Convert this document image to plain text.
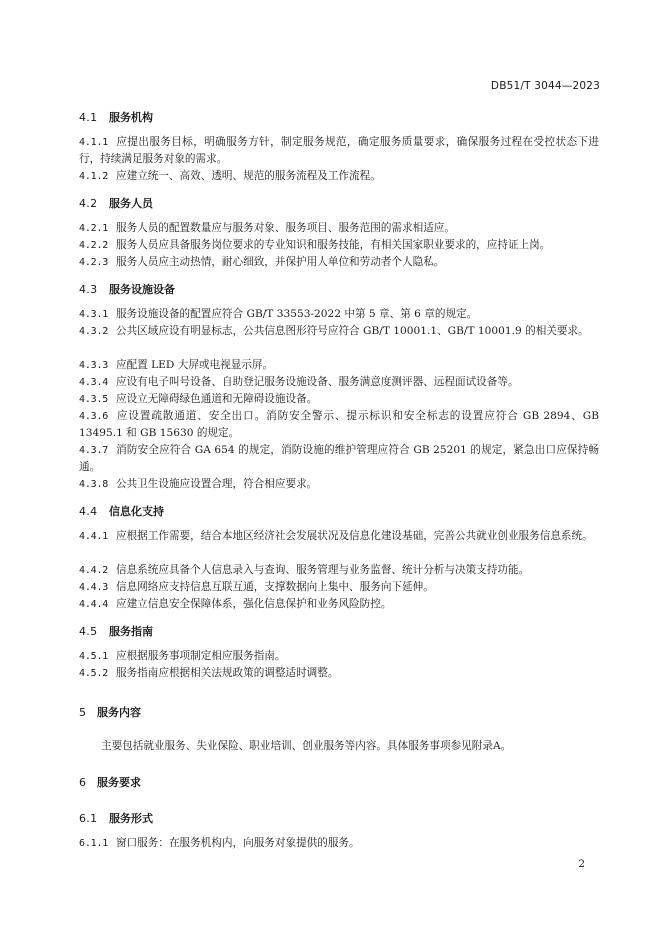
DB51/T 3044—2023
4.1 服务机构
4.1.1 应提出服务目标，明确服务方针，制定服务规范，确定服务质量要求，确保服务过程在受控状态下进行，持续满足服务对象的需求。
4.1.2 应建立统一、高效、透明、规范的服务流程及工作流程。
4.2 服务人员
4.2.1 服务人员的配置数量应与服务对象、服务项目、服务范围的需求相适应。
4.2.2 服务人员应具备服务岗位要求的专业知识和服务技能，有相关国家职业要求的，应持证上岗。
4.2.3 服务人员应主动热情，耐心细致，并保护用人单位和劳动者个人隐私。
4.3 服务设施设备
4.3.1 服务设施设备的配置应符合 GB/T 33553-2022 中第 5 章、第 6 章的规定。
4.3.2 公共区域应设有明显标志，公共信息图形符号应符合 GB/T 10001.1、GB/T 10001.9 的相关要求。
4.3.3 应配置 LED 大屏或电视显示屏。
4.3.4 应设有电子叫号设备、自助登记服务设施设备、服务满意度测评器、远程面试设备等。
4.3.5 应设立无障碍绿色通道和无障碍设施设备。
4.3.6 应设置疏散通道、安全出口。消防安全警示、提示标识和安全标志的设置应符合 GB 2894、GB 13495.1 和 GB 15630 的规定。
4.3.7 消防安全应符合 GA 654 的规定，消防设施的维护管理应符合 GB 25201 的规定，紧急出口应保持畅通。
4.3.8 公共卫生设施应设置合理，符合相应要求。
4.4 信息化支持
4.4.1 应根据工作需要，结合本地区经济社会发展状况及信息化建设基础，完善公共就业创业服务信息系统。
4.4.2 信息系统应具备个人信息录入与查询、服务管理与业务监督、统计分析与决策支持功能。
4.4.3 信息网络应支持信息互联互通，支撑数据向上集中、服务向下延伸。
4.4.4 应建立信息安全保障体系，强化信息保护和业务风险防控。
4.5 服务指南
4.5.1 应根据服务事项制定相应服务指南。
4.5.2 服务指南应根据相关法规政策的调整适时调整。
5 服务内容
主要包括就业服务、失业保险、职业培训、创业服务等内容。具体服务事项参见附录A。
6 服务要求
6.1 服务形式
6.1.1 窗口服务：在服务机构内，向服务对象提供的服务。
2
